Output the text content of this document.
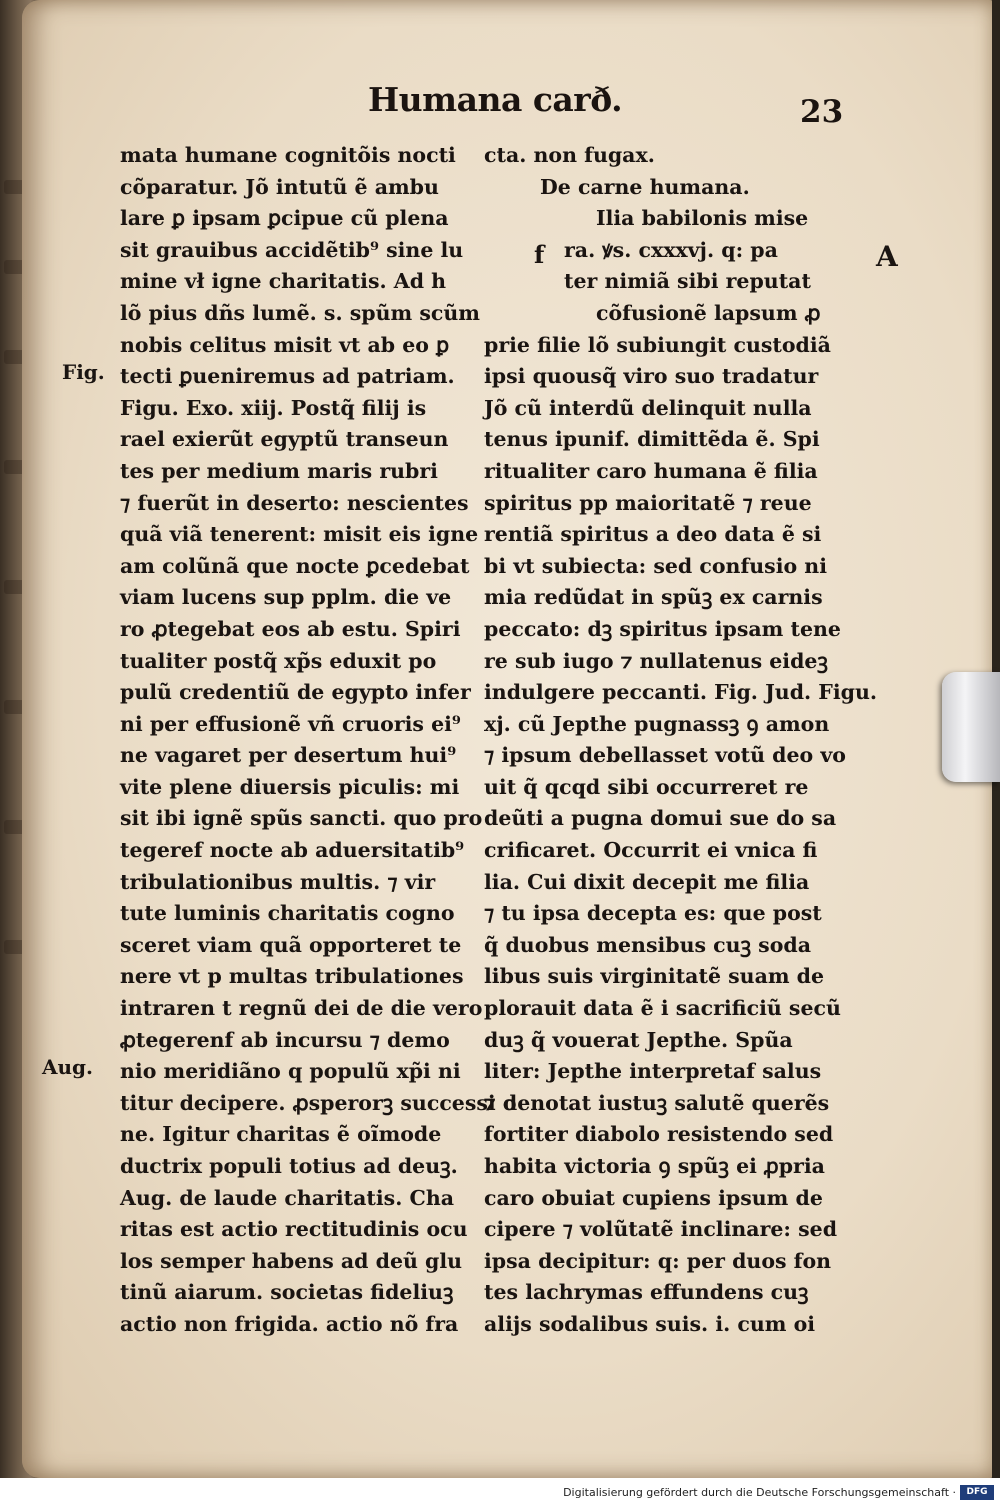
Humana carð.	23
mata humane cognitõis nocti
cõparatur. Jõ intutũ ẽ ambu
lare ꝑ ipsam ꝑcipue cũ plena
sit grauibus accidẽtib⁹ sine lu
mine vł igne charitatis. Ad h
lõ pius dñs lumẽ. s. spũm scũm
nobis celitus misit vt ab eo ꝑ
tecti ꝑueniremus ad patriam.
Figu. Exo. xiij. Postq̃ filij is
rael exierũt egyptũ transeun
tes per medium maris rubri
⁊ fuerũt in deserto: nescientes
quã viã tenerent: misit eis igne
am colũnã que nocte ꝑcedebat
viam lucens sup pplm. die ve
ro ꝓtegebat eos ab estu. Spiri
tualiter postq̃ xp̃s eduxit po
pulũ credentiũ de egypto infer
ni per effusionẽ vñ cruoris ei⁹
ne vagaret per desertum hui⁹
vite plene diuersis piculis: mi
sit ibi ignẽ spũs sancti. quo pro
tegeref nocte ab aduersitatib⁹
tribulationibus multis. ⁊ vir
tute luminis charitatis cogno
sceret viam quã opporteret te
nere vt p multas tribulationes
intraren t regnũ dei de die vero
ꝓtegerenf ab incursu ⁊ demo
nio meridiãno q populũ xp̃i ni
titur decipere. ꝓsperorꝫ successi o
ne. Igitur charitas ẽ oĩmode
ductrix populi totius ad deuꝫ.
Aug. de laude charitatis. Cha
ritas est actio rectitudinis ocu
los semper habens ad deũ glu
tinũ aiarum. societas fideliuꝫ
actio non frigida. actio nõ fra
cta. non fugax.
De carne humana.
Ilia babilonis mise
ra. ꝟs. cxxxvj. q: pa
ter nimiã sibi reputat
cõfusionẽ lapsum ꝓ
prie filie lõ subiungit custodiã
ipsi quousq̃ viro suo tradatur
Jõ cũ interdũ delinquit nulla
tenus ipunif. dimittẽda ẽ. Spi
ritualiter caro humana ẽ filia
spiritus pp maioritatẽ ⁊ reue
rentiã spiritus a deo data ẽ si
bi vt subiecta: sed confusio ni
mia redũdat in spũꝫ ex carnis
peccato: dꝫ spiritus ipsam tene
re sub iugo ⁊ nullatenus eideꝫ
indulgere peccanti. Fig. Jud. Figu.
xj. cũ Jepthe pugnassꝫ ꝯ amon
⁊ ipsum debellasset votũ deo vo
uit q̃ qcqd sibi occurreret re
deũti a pugna domui sue do sa
crificaret. Occurrit ei vnica fi
lia. Cui dixit decepit me filia
⁊ tu ipsa decepta es: que post
q̃ duobus mensibus cuꝫ soda
libus suis virginitatẽ suam de
plorauit data ẽ i sacrificiũ secũ
duꝫ q̃ vouerat Jepthe. Spũa
liter: Jepthe interpretaf salus
⁊ denotat iustuꝫ salutẽ querẽs
fortiter diabolo resistendo sed
habita victoria ꝯ spũꝫ ei ꝓpria
caro obuiat cupiens ipsum de
cipere ⁊ volũtatẽ inclinare: sed
ipsa decipitur: q: per duos fon
tes lachrymas effundens cuꝫ
alijs sodalibus suis. i. cum oi
Fig.
Aug.
f	A
Digitalisierung gefördert durch die Deutsche Forschungsgemeinschaft ·	DFG
